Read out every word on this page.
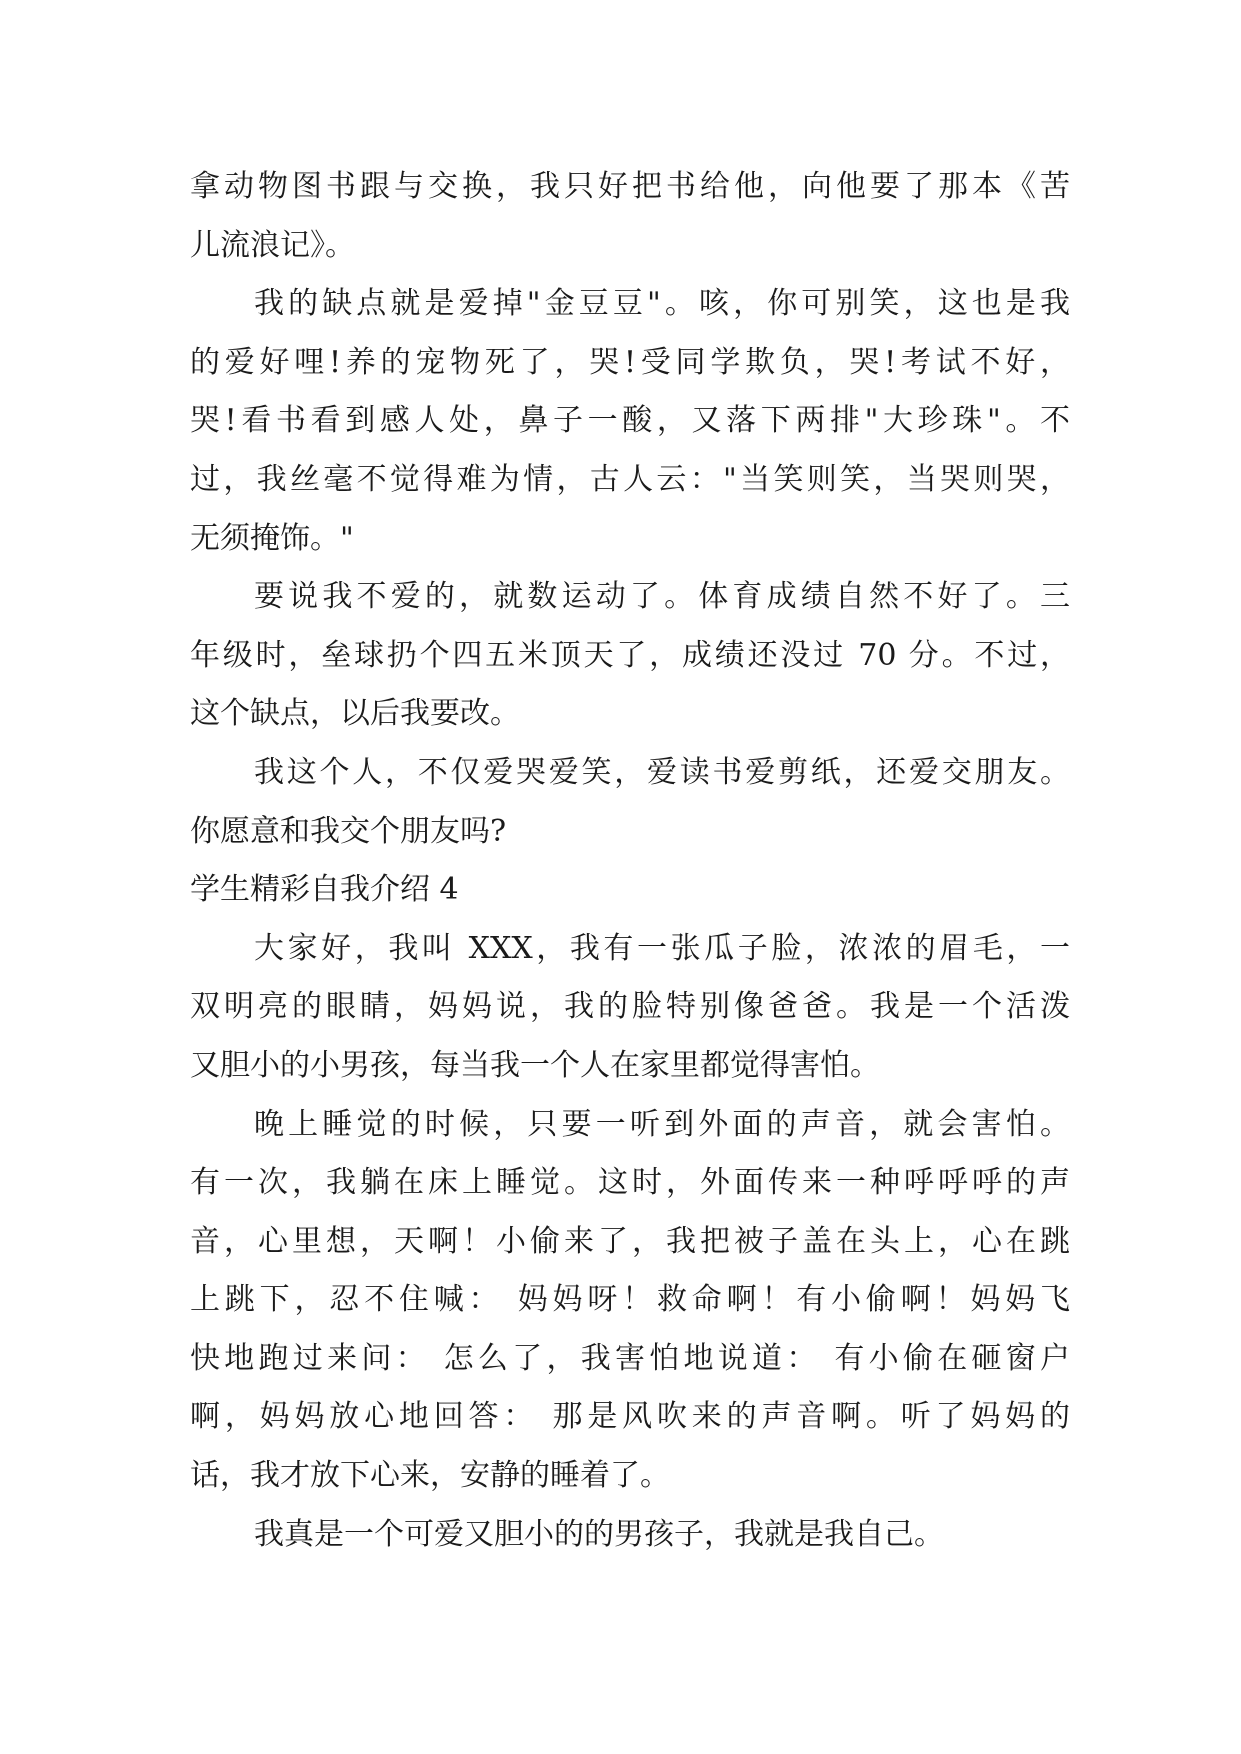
拿动物图书跟与交换，我只好把书给他，向他要了那本《苦
儿流浪记》。
我的缺点就是爱掉"金豆豆"。咳，你可别笑，这也是我
的爱好哩!养的宠物死了，哭!受同学欺负，哭!考试不好，
哭!看书看到感人处，鼻子一酸，又落下两排"大珍珠"。不
过，我丝毫不觉得难为情，古人云："当笑则笑，当哭则哭，
无须掩饰。"
要说我不爱的，就数运动了。体育成绩自然不好了。三
年级时，垒球扔个四五米顶天了，成绩还没过 70 分。不过，
这个缺点，以后我要改。
我这个人，不仅爱哭爱笑，爱读书爱剪纸，还爱交朋友。
你愿意和我交个朋友吗?
学生精彩自我介绍 4
大家好，我叫 XXX，我有一张瓜子脸，浓浓的眉毛，一
双明亮的眼睛，妈妈说，我的脸特别像爸爸。我是一个活泼
又胆小的小男孩，每当我一个人在家里都觉得害怕。
晚上睡觉的时候，只要一听到外面的声音，就会害怕。
有一次，我躺在床上睡觉。这时，外面传来一种呼呼呼的声
音，心里想，天啊！小偷来了，我把被子盖在头上，心在跳
上跳下，忍不住喊： 妈妈呀！救命啊！有小偷啊！妈妈飞
快地跑过来问： 怎么了，我害怕地说道： 有小偷在砸窗户
啊，妈妈放心地回答： 那是风吹来的声音啊。听了妈妈的
话，我才放下心来，安静的睡着了。
我真是一个可爱又胆小的的男孩子，我就是我自己。
